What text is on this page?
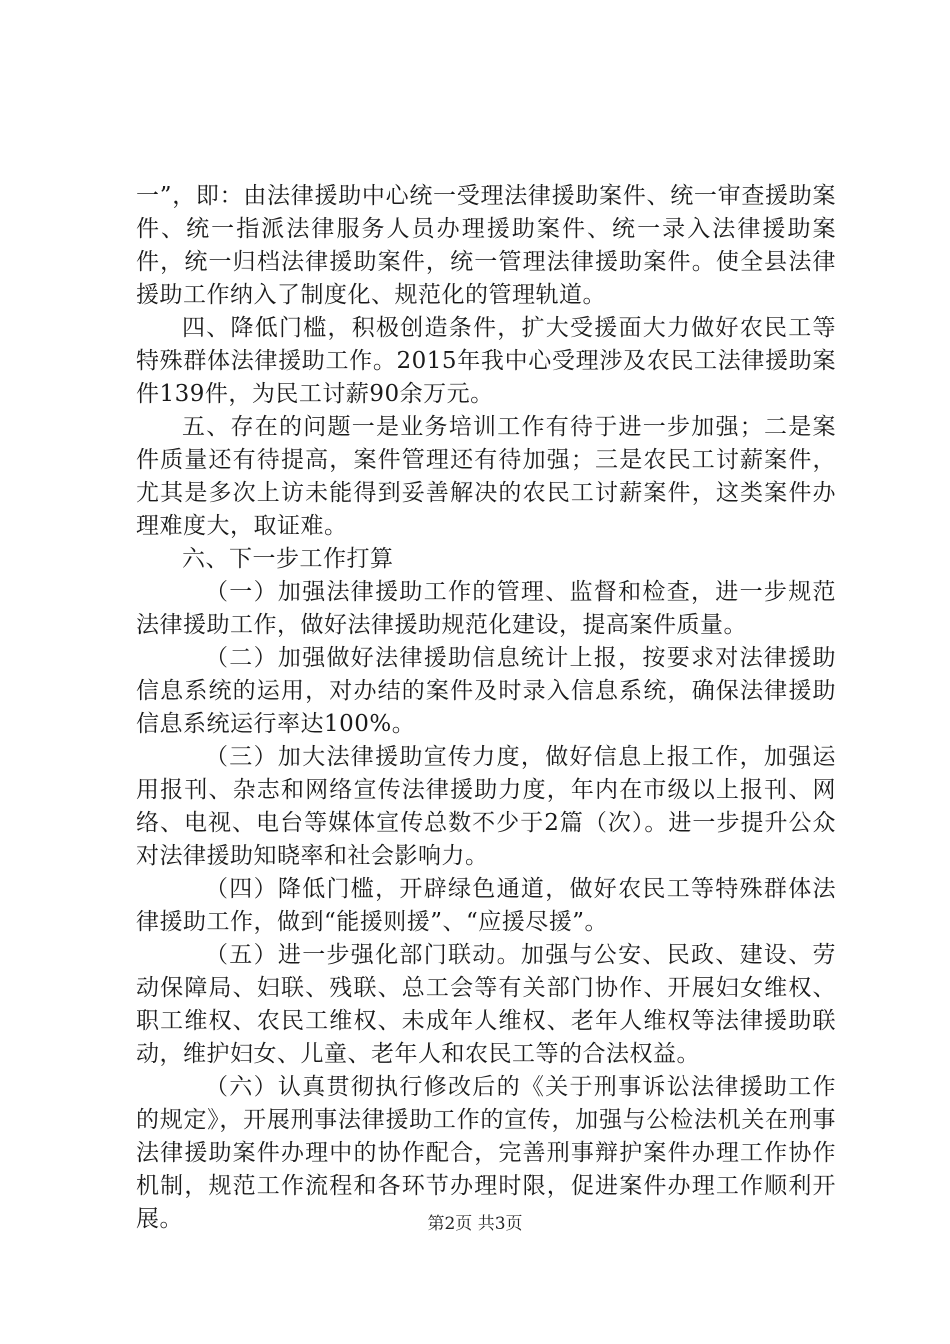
一”，即：由法律援助中心统一受理法律援助案件、统一审查援助案件、统一指派法律服务人员办理援助案件、统一录入法律援助案件，统一归档法律援助案件，统一管理法律援助案件。使全县法律援助工作纳入了制度化、规范化的管理轨道。

四、降低门槛，积极创造条件，扩大受援面大力做好农民工等特殊群体法律援助工作。2015年我中心受理涉及农民工法律援助案件139件，为民工讨薪90余万元。

五、存在的问题一是业务培训工作有待于进一步加强；二是案件质量还有待提高，案件管理还有待加强；三是农民工讨薪案件，尤其是多次上访未能得到妥善解决的农民工讨薪案件，这类案件办理难度大，取证难。

六、下一步工作打算

（一）加强法律援助工作的管理、监督和检查，进一步规范法律援助工作，做好法律援助规范化建设，提高案件质量。

（二）加强做好法律援助信息统计上报，按要求对法律援助信息系统的运用，对办结的案件及时录入信息系统，确保法律援助信息系统运行率达100%。

（三）加大法律援助宣传力度，做好信息上报工作，加强运用报刊、杂志和网络宣传法律援助力度，年内在市级以上报刊、网络、电视、电台等媒体宣传总数不少于2篇（次）。进一步提升公众对法律援助知晓率和社会影响力。

（四）降低门槛，开辟绿色通道，做好农民工等特殊群体法律援助工作，做到“能援则援”、“应援尽援”。

（五）进一步强化部门联动。加强与公安、民政、建设、劳动保障局、妇联、残联、总工会等有关部门协作、开展妇女维权、职工维权、农民工维权、未成年人维权、老年人维权等法律援助联动，维护妇女、儿童、老年人和农民工等的合法权益。

（六）认真贯彻执行修改后的《关于刑事诉讼法律援助工作的规定》，开展刑事法律援助工作的宣传，加强与公检法机关在刑事法律援助案件办理中的协作配合，完善刑事辩护案件办理工作协作机制，规范工作流程和各环节办理时限，促进案件办理工作顺利开展。	第2页 共3页
